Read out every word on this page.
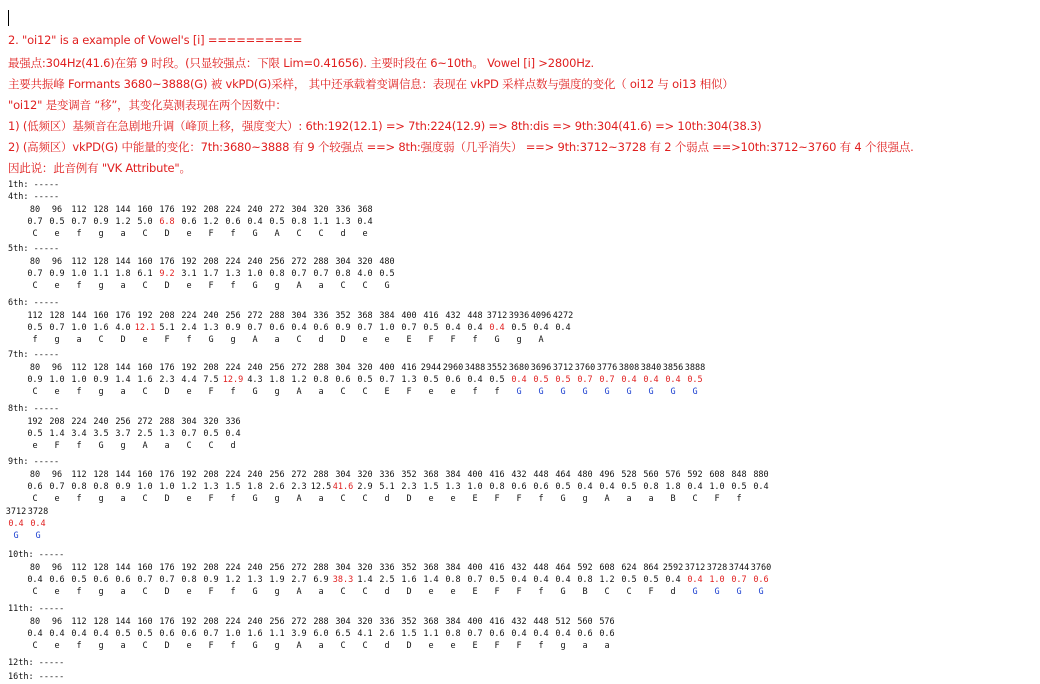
2. "oi12" is a example of Vowel's [i] ==========
最强点:304Hz(41.6)在第 9 时段。(只显较强点：下限 Lim=0.41656). 主要时段在 6~10th。 Vowel [i] >2800Hz.
主要共振峰 Formants 3680~3888(G) 被 vkPD(G)采样， 其中还承载着变调信息：表现在 vkPD 采样点数与强度的变化（ oi12 与 oi13 相似）
"oi12" 是变调音 “移”，其变化莫测表现在两个因数中：
1) (低频区）基频音在急剧地升调（峰顶上移，强度变大）: 6th:192(12.1) => 7th:224(12.9) => 8th:dis => 9th:304(41.6) => 10th:304(38.3)
2) (高频区）vkPD(G) 中能量的变化：7th:3680~3888 有 9 个较强点 ==> 8th:强度弱（几乎消失） ==> 9th:3712~3728 有 2 个弱点 ==>10th:3712~3760 有 4 个很强点.
因此说：此音例有 "VK Attribute"。
1th: -----
4th: -----
80	96	112 128 144 160 176 192 208 224 240 272 304 320 336 368
0.7 0.5 0.7 0.9 1.2 5.0 6.8 0.6 1.2 0.6 0.4 0.5 0.8 1.1 1.3 0.4
C	e	f	g	a	C	D	e	F	f	G	A	C	C	d	e
5th: -----
80	96	112 128 144 160 176 192 208 224 240 256 272 288 304 320 480
0.7 0.9 1.0 1.1 1.8 6.1 9.2 3.1 1.7 1.3 1.0 0.8 0.7 0.7 0.8 4.0 0.5
C	e	f	g	a	C	D	e	F	f	G	g	A	a	C	C	G
6th: -----
112 128 144 160 176 192 208 224 240 256 272 288 304 336 352 368 384 400 416 432 448 3712 3936 4096 4272
0.5 0.7 1.0 1.6 4.0 12.1 5.1 2.4 1.3 0.9 0.7 0.6 0.4 0.6 0.9 0.7 1.0 0.7 0.5 0.4 0.4 0.4 0.5 0.4 0.4
f	g	a	C	D	e	F	f	G	g	A	a	C	d	D	e	e	E	F	F	f	G	g	A
7th: -----
80	96	112 128 144 160 176 192 208 224 240 256 272 288 304 320 400 416 2944 2960 3488 3552 3680 3696 3712 3760 3776 3808 3840 3856 3888
0.9 1.0 1.0 0.9 1.4 1.6 2.3 4.4 7.5 12.9 4.3 1.8 1.2 0.8 0.6 0.5 0.7 1.3 0.5 0.6 0.4 0.5 0.4 0.5 0.5 0.7 0.7 0.4 0.4 0.4 0.5
C	e	f	g	a	C	D	e	F	f	G	g	A	a	C	C	E	F	e	e	f	f	G	G	G	G	G	G	G	G	G
8th: -----
192 208 224 240 256 272 288 304 320 336
0.5 1.4 3.4 3.5 3.7 2.5 1.3 0.7 0.5 0.4
e	F	f	G	g	A	a	C	C	d
9th: -----
80	96	112 128 144 160 176 192 208 224 240 256 272 288 304 320 336 352 368 384 400 416 432 448 464 480 496 528 560 576 592 608 848 880
0.6 0.7 0.8 0.8 0.9 1.0 1.0 1.2 1.3 1.5 1.8 2.6 2.3 12.5 41.6 2.9 5.1 2.3 1.5 1.3 1.0 0.8 0.6 0.6 0.5 0.4 0.4 0.5 0.8 1.8 0.4 1.0 0.5 0.4
C	e	f	g	a	C	D	e	F	f	G	g	A	a	C	C	d	D	e	e	E	F	F	f	G	g	A	a	a	B	C	F	f
3712 3728
0.4 0.4
G	G
10th: -----
80	96	112 128 144 160 176 192 208 224 240 256 272 288 304 320 336 352 368 384 400 416 432 448 464 592 608 624 864 2592 3712 3728 3744 3760
0.4 0.6 0.5 0.6 0.6 0.7 0.7 0.8 0.9 1.2 1.3 1.9 2.7 6.9 38.3 1.4 2.5 1.6 1.4 0.8 0.7 0.5 0.4 0.4 0.4 0.8 1.2 0.5 0.5 0.4 0.4 1.0 0.7 0.6
C	e	f	g	a	C	D	e	F	f	G	g	A	a	C	C	d	D	e	e	E	F	F	f	G	B	C	C	F	d	G	G	G	G
11th: -----
80	96	112 128 144 160 176 192 208 224 240 256 272 288 304 320 336 352 368 384 400 416 432 448 512 560 576
0.4 0.4 0.4 0.4 0.5 0.5 0.6 0.6 0.7 1.0 1.6 1.1 3.9 6.0 6.5 4.1 2.6 1.5 1.1 0.8 0.7 0.6 0.4 0.4 0.4 0.6 0.6
C	e	f	g	a	C	D	e	F	f	G	g	A	a	C	C	d	D	e	e	E	F	F	f	g	a	a
12th: -----
16th: -----
